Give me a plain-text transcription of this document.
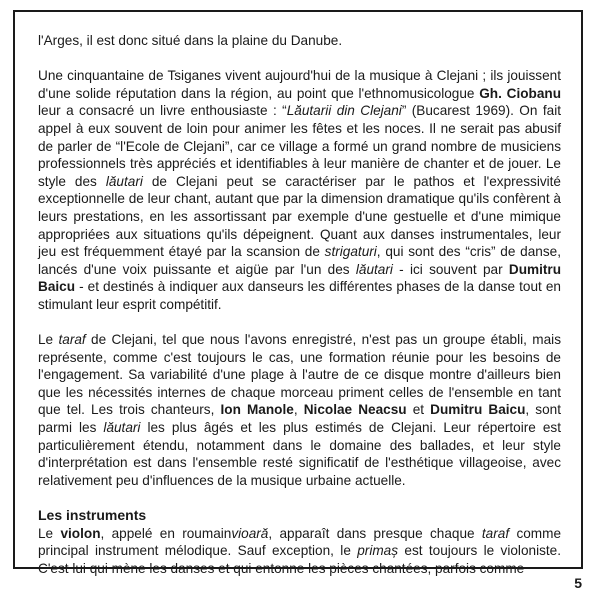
l'Arges, il est donc situé dans la plaine du Danube.

Une cinquantaine de Tsiganes vivent aujourd'hui de la musique à Clejani ; ils jouissent d'une solide réputation dans la région, au point que l'ethnomusicologue Gh. Ciobanu leur a consacré un livre enthousiaste : “Lăutarii din Clejani” (Bucarest 1969). On fait appel à eux souvent de loin pour animer les fêtes et les noces. Il ne serait pas abusif de parler de “l'Ecole de Clejani”, car ce village a formé un grand nombre de musiciens professionnels très appréciés et identifiables à leur manière de chanter et de jouer. Le style des lăutari de Clejani peut se caractériser par le pathos et l'expressivité exceptionnelle de leur chant, autant que par la dimension dramatique qu'ils confèrent à leurs prestations, en les assortissant par exemple d'une gestuelle et d'une mimique appropriées aux situations qu'ils dépeignent. Quant aux danses instrumentales, leur jeu est fréquemment étayé par la scansion de strigaturi, qui sont des “cris” de danse, lancés d'une voix puissante et aigüe par l'un des lăutari - ici souvent par Dumitru Baicu - et destinés à indiquer aux danseurs les différentes phases de la danse tout en stimulant leur esprit compétitif.

Le taraf de Clejani, tel que nous l'avons enregistré, n'est pas un groupe établi, mais représente, comme c'est toujours le cas, une formation réunie pour les besoins de l'engagement. Sa variabilité d'une plage à l'autre de ce disque montre d'ailleurs bien que les nécessités internes de chaque morceau priment celles de l'ensemble en tant que tel. Les trois chanteurs, Ion Manole, Nicolae Neacsu et Dumitru Baicu, sont parmi les lăutari les plus âgés et les plus estimés de Clejani. Leur répertoire est particulièrement étendu, notamment dans le domaine des ballades, et leur style d'interprétation est dans l'ensemble resté significatif de l'esthétique villageoise, avec relativement peu d'influences de la musique urbaine actuelle.

Les instruments

Le violon, appelé en roumainvioară, apparaît dans presque chaque taraf comme principal instrument mélodique. Sauf exception, le primaș est toujours le violoniste. C'est lui qui mène les danses et qui entonne les pièces chantées, parfois comme

5
